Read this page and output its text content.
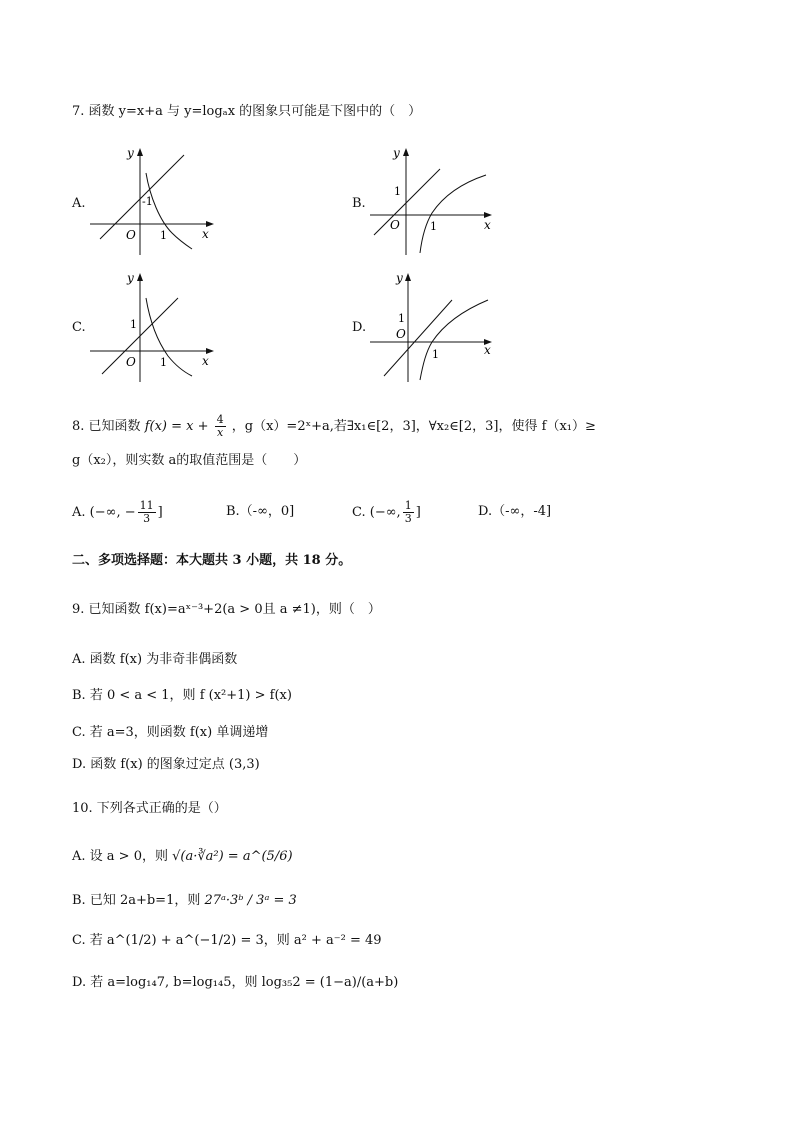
7. 函数 y=x+a 与 y=logₐx 的图象只可能是下图中的（　）
A.
y
x
O 1
-1	B.
y
x
O	1
1
C.
y
x
O 1
1	D.
y
x
O
1
1
8. 已知函数 $f(x) = x + \frac{4}{x}$ ，g（x）=2ˣ+a,若∃x₁∈[2，3]，∀x₂∈[2，3]，使得 f（x₁）≥
g（x₂），则实数 a的取值范围是（　　）
A. (−∞, − $\frac{11}{3}$ ]	B.（-∞，0]	C. (−∞, $\frac{1}{3}$ ]	D.（-∞，-4]
二、多项选择题：本大题共 3 小题，共 18 分。
9. 已知函数 f(x)=aˣ⁻³+2(a > 0且 a ≠1)，则（　）
A. 函数 f(x) 为非奇非偶函数
B. 若 0 < a < 1，则 f (x²+1) > f(x)
C. 若 a=3，则函数 f(x) 单调递增
D. 函数 f(x) 的图象过定点 (3,3)
10. 下列各式正确的是（）
A. 设 a > 0，则 √(a·∛a²) = a^(5/6)
B. 已知 2a+b=1，则 27ᵃ·3ᵇ / 3ᵃ = 3
C. 若 a^(1/2) + a^(−1/2) = 3，则 a² + a⁻² = 49
D. 若 a=log₁₄7, b=log₁₄5，则 log₃₅2 = (1−a)/(a+b)
